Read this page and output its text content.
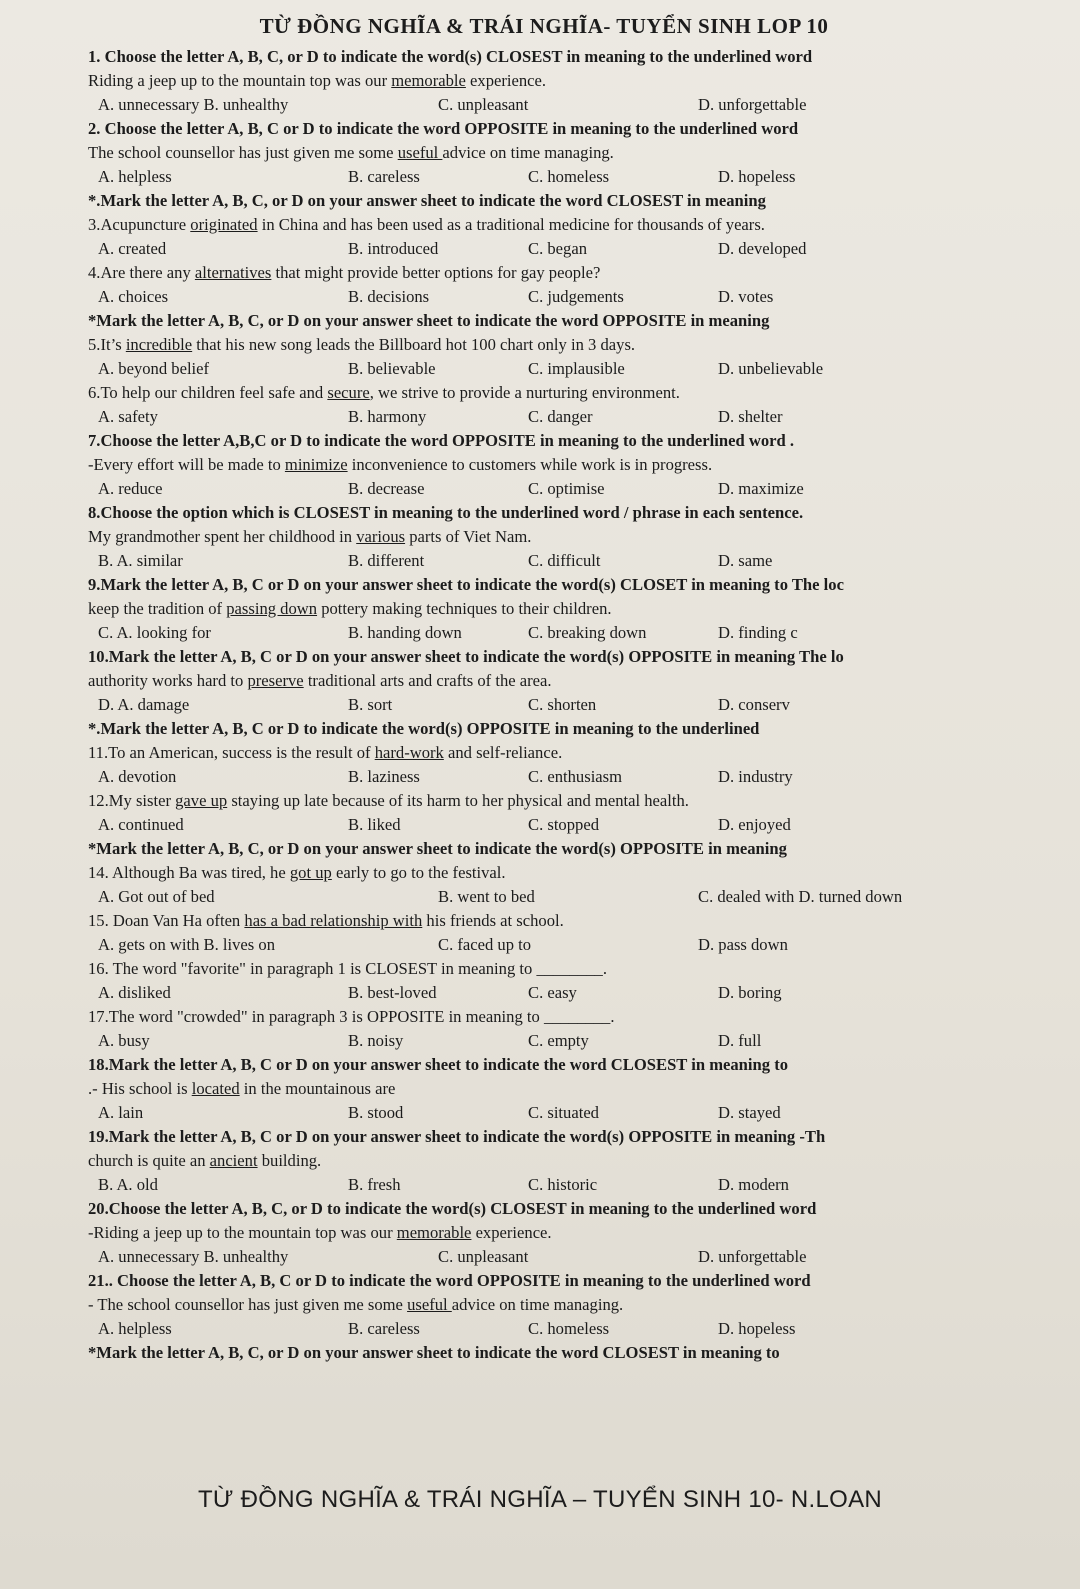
TỪ ĐỒNG NGHĨA & TRÁI NGHĨA- TUYỂN SINH LOP 10
1. Choose the letter A, B, C, or D to indicate the word(s) CLOSEST in meaning to the underlined word
Riding a jeep up to the mountain top was our memorable experience.
A. unnecessary B. unhealthy	C. unpleasant	D. unforgettable
2. Choose the letter A, B, C or D to indicate the word OPPOSITE in meaning to the underlined word
The school counsellor has just given me some useful advice on time managing.
A. helpless	B. careless	C. homeless	D. hopeless
*.Mark the letter A, B, C, or D on your answer sheet to indicate the word CLOSEST in meaning
3.Acupuncture originated in China and has been used as a traditional medicine for thousands of years.
A. created	B. introduced	C. began	D. developed
4.Are there any alternatives that might provide better options for gay people?
A. choices	B. decisions	C. judgements	D. votes
*Mark the letter A, B, C, or D on your answer sheet to indicate the word OPPOSITE in meaning
5.It’s incredible that his new song leads the Billboard hot 100 chart only in 3 days.
A. beyond belief	B. believable	C. implausible	D. unbelievable
6.To help our children feel safe and secure, we strive to provide a nurturing environment.
A. safety	B. harmony	C. danger	D. shelter
7.Choose the letter A,B,C or D to indicate the word OPPOSITE in meaning to the underlined word .
-Every effort will be made to minimize inconvenience to customers while work is in progress.
A. reduce	B. decrease	C. optimise	D. maximize
8.Choose the option which is CLOSEST in meaning to the underlined word / phrase in each sentence.
My grandmother spent her childhood in various parts of Viet Nam.
B. A. similar	B. different	C. difficult	D. same
9.Mark the letter A, B, C or D on your answer sheet to indicate the word(s) CLOSET in meaning to The loc
keep the tradition of passing down pottery making techniques to their children.
C. A. looking for	B. handing down	C. breaking down	D. finding c
10.Mark the letter A, B, C or D on your answer sheet to indicate the word(s) OPPOSITE in meaning The lo
authority works hard to preserve traditional arts and crafts of the area.
D. A. damage	B. sort	C. shorten	D. conserv
*.Mark the letter A, B, C or D to indicate the word(s) OPPOSITE in meaning to the underlined
11.To an American, success is the result of hard-work and self-reliance.
A. devotion	B. laziness	C. enthusiasm	D. industry
12.My sister gave up staying up late because of its harm to her physical and mental health.
A. continued	B. liked	C. stopped	D. enjoyed
*Mark the letter A, B, C, or D on your answer sheet to indicate the word(s) OPPOSITE in meaning
14. Although Ba was tired, he got up early to go to the festival.
A. Got out of bed	B. went to bed	C. dealed with D. turned down
15. Doan Van Ha often has a bad relationship with his friends at school.
A. gets on with B. lives on	C. faced up to	D. pass down
16. The word "favorite" in paragraph 1 is CLOSEST in meaning to ________.
A. disliked	B. best-loved	C. easy	D. boring
17.The word "crowded" in paragraph 3 is OPPOSITE in meaning to ________.
A. busy	B. noisy	C. empty	D. full
18.Mark the letter A, B, C or D on your answer sheet to indicate the word CLOSEST in meaning to
.- His school is located in the mountainous are
A. lain	B. stood	C. situated	D. stayed
19.Mark the letter A, B, C or D on your answer sheet to indicate the word(s) OPPOSITE in meaning -Th
church is quite an ancient building.
B. A. old	B. fresh	C. historic	D. modern
20.Choose the letter A, B, C, or D to indicate the word(s) CLOSEST in meaning to the underlined word
-Riding a jeep up to the mountain top was our memorable experience.
A. unnecessary B. unhealthy	C. unpleasant	D. unforgettable
21.. Choose the letter A, B, C or D to indicate the word OPPOSITE in meaning to the underlined word
- The school counsellor has just given me some useful advice on time managing.
A. helpless	B. careless	C. homeless	D. hopeless
*Mark the letter A, B, C, or D on your answer sheet to indicate the word CLOSEST in meaning to
TỪ ĐỒNG NGHĨA & TRÁI NGHĨA – TUYỂN SINH 10- N.LOAN
